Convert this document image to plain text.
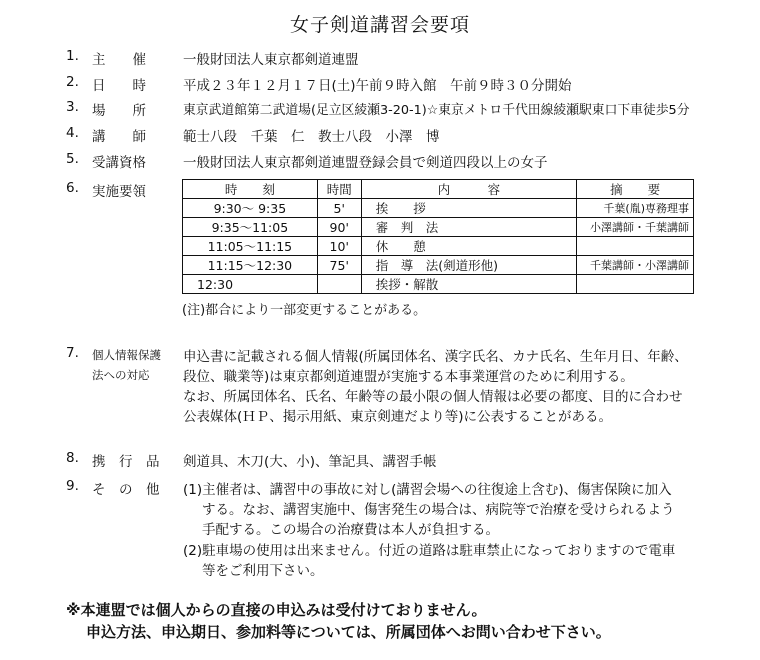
女子剣道講習会要項
1. 主　　催	一般財団法人東京都剣道連盟
2. 日　　時	平成２３年１２月１７日(土)午前９時入館　午前９時３０分開始
3. 場　　所	東京武道館第二武道場(足立区綾瀬3-20-1)☆東京メトロ千代田線綾瀬駅東口下車徒歩5分
4. 講　　師	範士八段　千葉　仁　教士八段　小澤　博
5. 受講資格	一般財団法人東京都剣道連盟登録会員で剣道四段以上の女子
6. 実施要領	時　　刻	時間	内　　　容	摘　　要
9:30～ 9:35	5'	挨　　拶	千葉(胤)専務理事
9:35～11:05	90'	審　判　法	小澤講師・千葉講師
11:05～11:15	10'	休　　憩	
11:15～12:30	75'	指　導　法(剣道形他)	千葉講師・小澤講師
12:30		挨拶・解散	
(注)都合により一部変更することがある。
7. 個人情報保護
法への対応
申込書に記載される個人情報(所属団体名、漢字氏名、カナ氏名、生年月日、年齢、
段位、職業等)は東京都剣道連盟が実施する本事業運営のために利用する。
なお、所属団体名、氏名、年齢等の最小限の個人情報は必要の都度、目的に合わせ
公表媒体(ＨＰ、掲示用紙、東京剣連だより等)に公表することがある。
8. 携　行　品 剣道具、木刀(大、小)、筆記具、講習手帳
9. そ　の　他 (1)主催者は、講習中の事故に対し(講習会場への往復途上含む)、傷害保険に加入
する。なお、講習実施中、傷害発生の場合は、病院等で治療を受けられるよう
手配する。この場合の治療費は本人が負担する。
(2)駐車場の使用は出来ません。付近の道路は駐車禁止になっておりますので電車
等をご利用下さい。
※本連盟では個人からの直接の申込みは受付けておりません。
申込方法、申込期日、参加料等については、所属団体へお問い合わせ下さい。
